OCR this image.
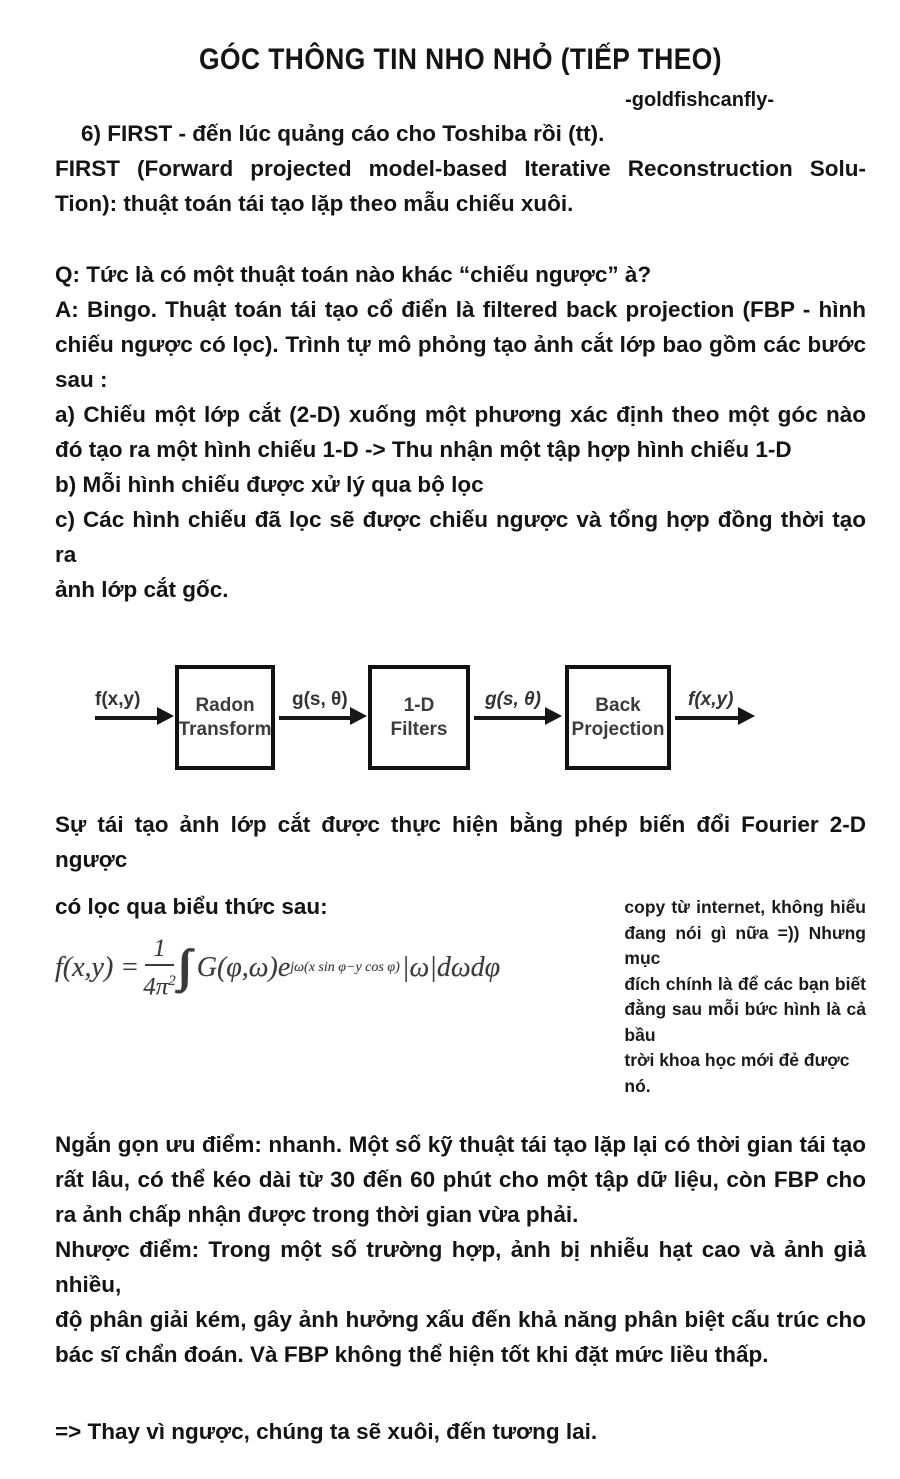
GÓC THÔNG TIN NHO NHỎ (TIẾP THEO)
-goldfishcanfly-
6) FIRST - đến lúc quảng cáo cho Toshiba rồi (tt).
FIRST (Forward projected model-based Iterative Reconstruction Solu-
Tion): thuật toán tái tạo lặp theo mẫu chiếu xuôi.
Q: Tức là có một thuật toán nào khác “chiếu ngược” à?
A: Bingo. Thuật toán tái tạo cổ điển là filtered back projection (FBP - hình
chiếu ngược có lọc). Trình tự mô phỏng tạo ảnh cắt lớp bao gồm các bước
sau :
a) Chiếu một lớp cắt (2-D) xuống một phương xác định theo một góc nào
đó tạo ra một hình chiếu 1-D -> Thu nhận một tập hợp hình chiếu 1-D
b) Mỗi hình chiếu được xử lý qua bộ lọc
c) Các hình chiếu đã lọc sẽ được chiếu ngược và tổng hợp đồng thời tạo ra
ảnh lớp cắt gốc.
f(x,y)	Radon
Transform
g(s, θ)	1-D
Filters
g(s, θ)	Back
Projection
f(x,y)
Sự tái tạo ảnh lớp cắt được thực hiện bằng phép biến đổi Fourier 2-D ngược
có lọc qua biểu thức sau:
$f(x,y) = \frac{1}{4\pi^2} G(\varphi,\omega)e$ jω(x sin φ−y cos φ) |ω|dωdφ
copy từ internet, không hiểu
đang nói gì nữa =)) Nhưng mục
đích chính là để các bạn biết
đằng sau mỗi bức hình là cả bầu
trời khoa học mới đẻ được nó.
Ngắn gọn ưu điểm: nhanh. Một số kỹ thuật tái tạo lặp lại có thời gian tái tạo
rất lâu, có thể kéo dài từ 30 đến 60 phút cho một tập dữ liệu, còn FBP cho
ra ảnh chấp nhận được trong thời gian vừa phải.
Nhược điểm: Trong một số trường hợp, ảnh bị nhiễu hạt cao và ảnh giả nhiều,
độ phân giải kém, gây ảnh hưởng xấu đến khả năng phân biệt cấu trúc cho
bác sĩ chẩn đoán. Và FBP không thể hiện tốt khi đặt mức liều thấp.
=> Thay vì ngược, chúng ta sẽ xuôi, đến tương lai.
